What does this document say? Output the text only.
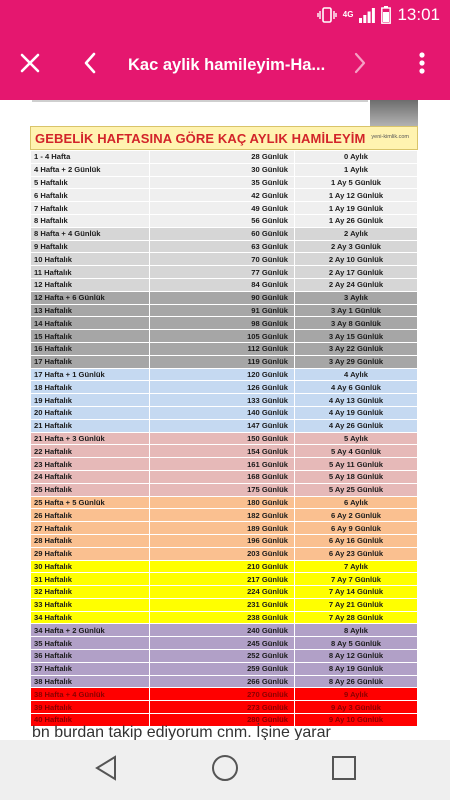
4G	13:01
Kac aylik hamileyim-Ha...
GEBELİK HAFTASINA GÖRE KAÇ AYLIK HAMİLEYİM yeni-kimlik.com
1 - 4 Hafta	28 Günlük	0 Aylık
4 Hafta + 2 Günlük	30 Günlük	1 Aylık
5 Haftalık	35 Günlük	1 Ay 5 Günlük
6 Haftalık	42 Günlük	1 Ay 12 Günlük
7 Haftalık	49 Günlük	1 Ay 19 Günlük
8 Haftalık	56 Günlük	1 Ay 26 Günlük
8 Hafta + 4 Günlük	60 Günlük	2 Aylık
9 Haftalık	63 Günlük	2 Ay 3 Günlük
10 Haftalık	70 Günlük	2 Ay 10 Günlük
11 Haftalık	77 Günlük	2 Ay 17 Günlük
12 Haftalık	84 Günlük	2 Ay 24 Günlük
12 Hafta + 6 Günlük	90 Günlük	3 Aylık
13 Haftalık	91 Günlük	3 Ay 1 Günlük
14 Haftalık	98 Günlük	3 Ay 8 Günlük
15 Haftalık	105 Günlük	3 Ay 15 Günlük
16 Haftalık	112 Günlük	3 Ay 22 Günlük
17 Haftalık	119 Günlük	3 Ay 29 Günlük
17 Hafta + 1 Günlük	120 Günlük	4 Aylık
18 Haftalık	126 Günlük	4 Ay 6 Günlük
19 Haftalık	133 Günlük	4 Ay 13 Günlük
20 Haftalık	140 Günlük	4 Ay 19 Günlük
21 Haftalık	147 Günlük	4 Ay 26 Günlük
21 Hafta + 3 Günlük	150 Günlük	5 Aylık
22 Haftalık	154 Günlük	5 Ay 4 Günlük
23 Haftalık	161 Günlük	5 Ay 11 Günlük
24 Haftalık	168 Günlük	5 Ay 18 Günlük
25 Haftalık	175 Günlük	5 Ay 25 Günlük
25 Hafta + 5 Günlük	180 Günlük	6 Aylık
26 Haftalık	182 Günlük	6 Ay 2 Günlük
27 Haftalık	189 Günlük	6 Ay 9 Günlük
28 Haftalık	196 Günlük	6 Ay 16 Günlük
29 Haftalık	203 Günlük	6 Ay 23 Günlük
30 Haftalık	210 Günlük	7 Aylık
31 Haftalık	217 Günlük	7 Ay 7 Günlük
32 Haftalık	224 Günlük	7 Ay 14 Günlük
33 Haftalık	231 Günlük	7 Ay 21 Günlük
34 Haftalık	238 Günlük	7 Ay 28 Günlük
34 Hafta + 2 Günlük	240 Günlük	8 Aylık
35 Haftalık	245 Günlük	8 Ay 5 Günlük
36 Haftalık	252 Günlük	8 Ay 12 Günlük
37 Haftalık	259 Günlük	8 Ay 19 Günlük
38 Haftalık	266 Günlük	8 Ay 26 Günlük
38 Hafta + 4 Günlük	270 Günlük	9 Aylık
39 Haftalık	273 Günlük	9 Ay 3 Günlük
40 Haftalık	280 Günlük	9 Ay 10 Günlük
bn burdan takip ediyorum cnm. İşine yarar
